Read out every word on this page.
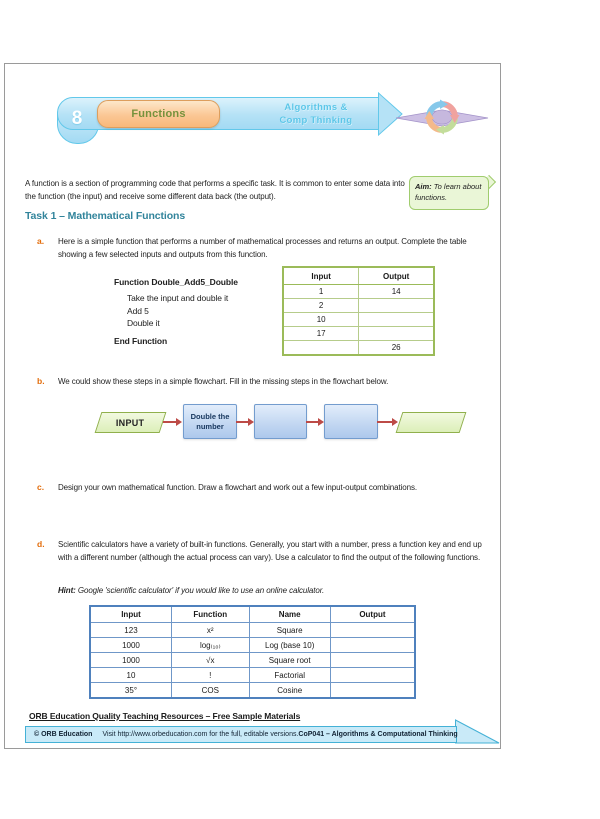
8	Functions
Algorithms &
Comp Thinking
A function is a section of programming code that performs a specific task. It is common to enter some data into the function (the input) and receive some different data back (the output).
Aim: To learn about functions.
Task 1 – Mathematical Functions
a. Here is a simple function that performs a number of mathematical processes and returns an output. Complete the table showing a few selected inputs and outputs from this function.
Function Double_Add5_Double
Take the input and double it
Add 5
Double it
End Function
Input	Output
1	14
2	
10	
17	
	26
b. We could show these steps in a simple flowchart. Fill in the missing steps in the flowchart below.
INPUT
Double the number
c. Design your own mathematical function. Draw a flowchart and work out a few input-output combinations.
d. Scientific calculators have a variety of built-in functions. Generally, you start with a number, press a function key and end up with a different number (although the actual process can vary). Use a calculator to find the output of the following functions.
Hint: Google 'scientific calculator' if you would like to use an online calculator.
Input	Function	Name	Output
123	x²	Square	
1000	log₍₁₀₎	Log (base 10)	
1000	√x	Square root	
10	!	Factorial	
35°	COS	Cosine	
ORB Education Quality Teaching Resources – Free Sample Materials
© ORB Education Visit http://www.orbeducation.com for the full, editable versions. CoP041 – Algorithms & Computational Thinking
